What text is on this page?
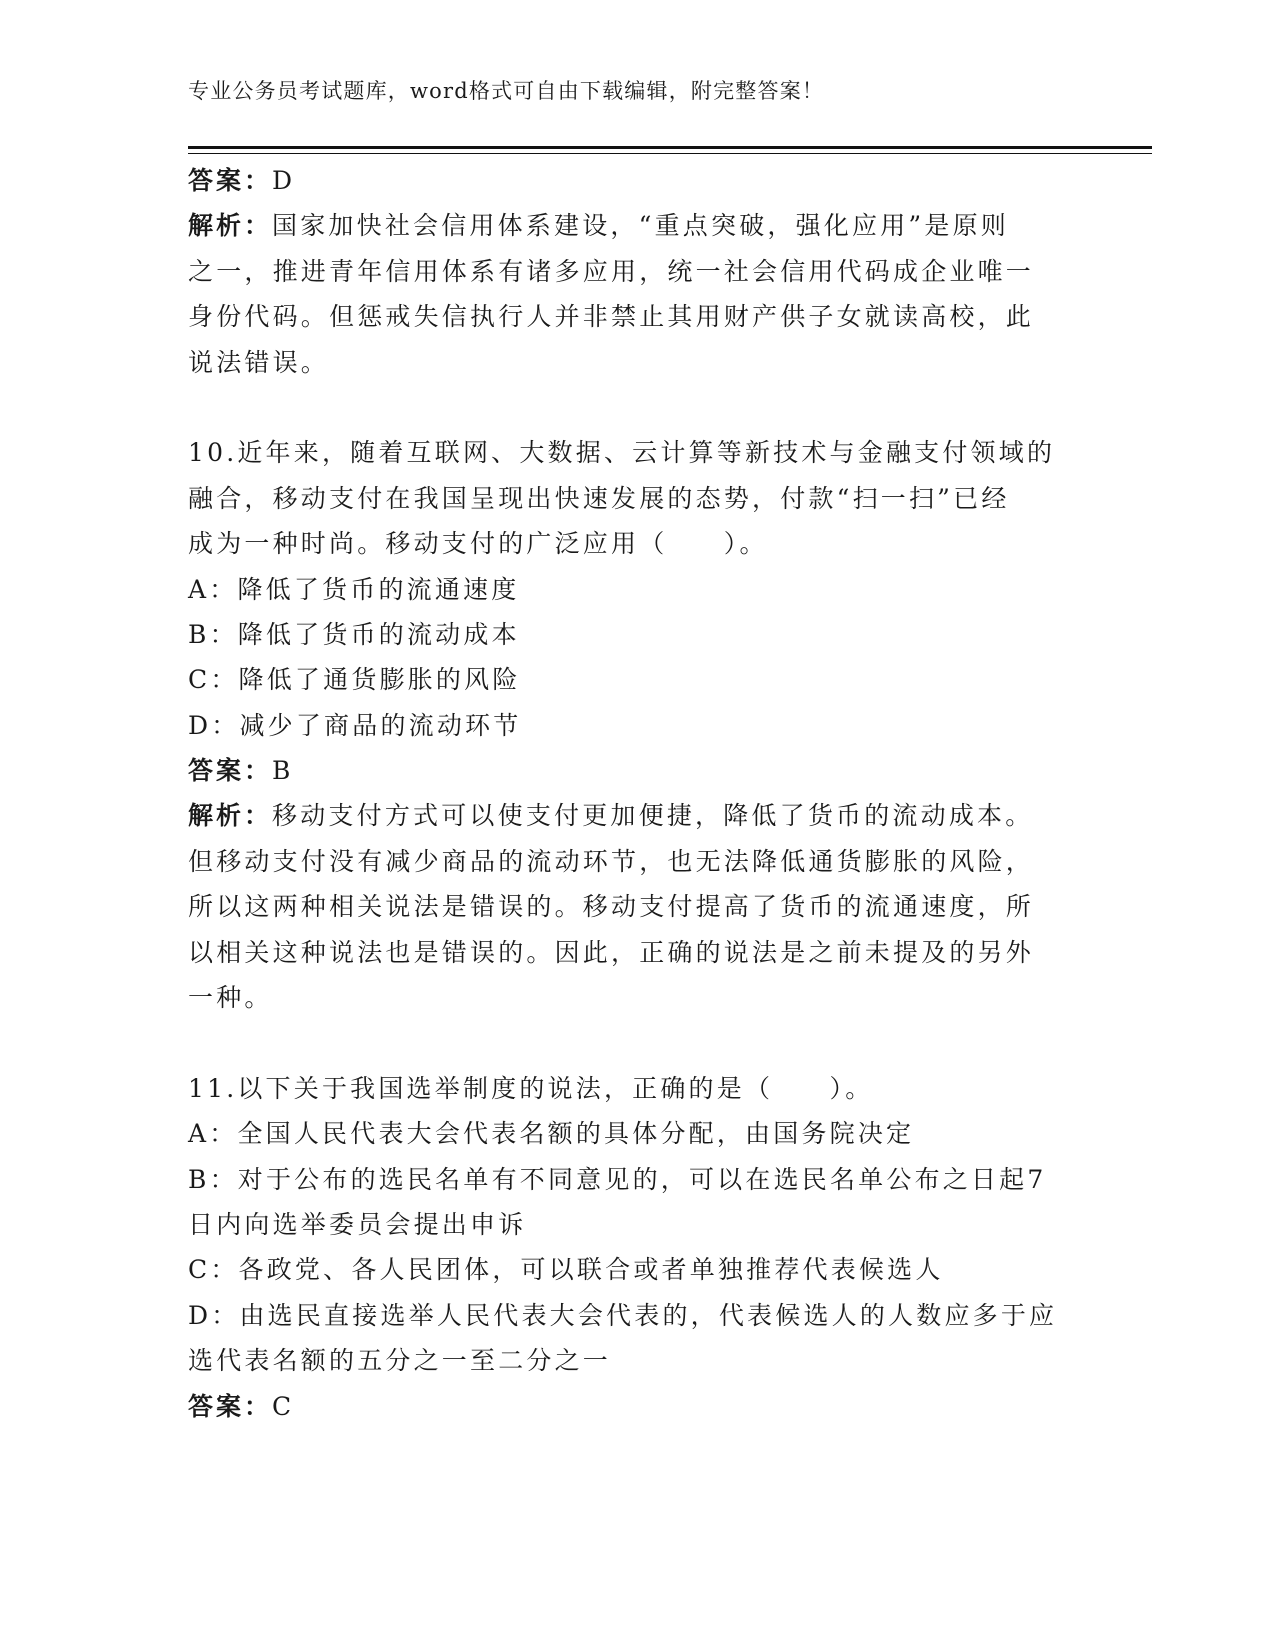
专业公务员考试题库，word格式可自由下载编辑，附完整答案！
答案：D
解析：国家加快社会信用体系建设，“重点突破，强化应用”是原则
之一，推进青年信用体系有诸多应用，统一社会信用代码成企业唯一
身份代码。但惩戒失信执行人并非禁止其用财产供子女就读高校，此
说法错误。
10.近年来，随着互联网、大数据、云计算等新技术与金融支付领域的
融合，移动支付在我国呈现出快速发展的态势，付款“扫一扫”已经
成为一种时尚。移动支付的广泛应用（　　）。
A：降低了货币的流通速度
B：降低了货币的流动成本
C：降低了通货膨胀的风险
D：减少了商品的流动环节
答案：B
解析：移动支付方式可以使支付更加便捷，降低了货币的流动成本。
但移动支付没有减少商品的流动环节，也无法降低通货膨胀的风险，
所以这两种相关说法是错误的。移动支付提高了货币的流通速度，所
以相关这种说法也是错误的。因此，正确的说法是之前未提及的另外
一种。
11.以下关于我国选举制度的说法，正确的是（　　）。
A：全国人民代表大会代表名额的具体分配，由国务院决定
B：对于公布的选民名单有不同意见的，可以在选民名单公布之日起7
日内向选举委员会提出申诉
C：各政党、各人民团体，可以联合或者单独推荐代表候选人
D：由选民直接选举人民代表大会代表的，代表候选人的人数应多于应
选代表名额的五分之一至二分之一
答案：C
